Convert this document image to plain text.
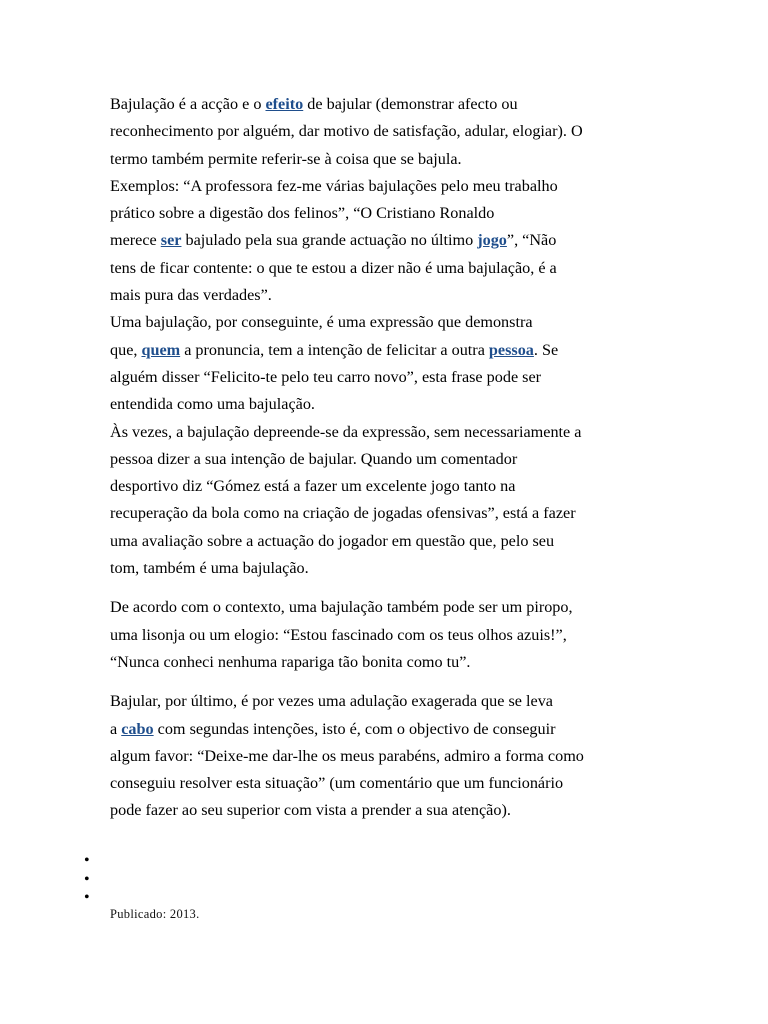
Bajulação é a acção e o efeito de bajular (demonstrar afecto ou
reconhecimento por alguém, dar motivo de satisfação, adular, elogiar). O
termo também permite referir-se à coisa que se bajula.
Exemplos: “A professora fez-me várias bajulações pelo meu trabalho
prático sobre a digestão dos felinos”, “O Cristiano Ronaldo
merece ser bajulado pela sua grande actuação no último jogo”, “Não
tens de ficar contente: o que te estou a dizer não é uma bajulação, é a
mais pura das verdades”.
Uma bajulação, por conseguinte, é uma expressão que demonstra
que, quem a pronuncia, tem a intenção de felicitar a outra pessoa. Se
alguém disser “Felicito-te pelo teu carro novo”, esta frase pode ser
entendida como uma bajulação.
Às vezes, a bajulação depreende-se da expressão, sem necessariamente a
pessoa dizer a sua intenção de bajular. Quando um comentador
desportivo diz “Gómez está a fazer um excelente jogo tanto na
recuperação da bola como na criação de jogadas ofensivas”, está a fazer
uma avaliação sobre a actuação do jogador em questão que, pelo seu
tom, também é uma bajulação.
De acordo com o contexto, uma bajulação também pode ser um piropo,
uma lisonja ou um elogio: “Estou fascinado com os teus olhos azuis!”,
“Nunca conheci nenhuma rapariga tão bonita como tu”.
Bajular, por último, é por vezes uma adulação exagerada que se leva
a cabo com segundas intenções, isto é, com o objectivo de conseguir
algum favor: “Deixe-me dar-lhe os meus parabéns, admiro a forma como
conseguiu resolver esta situação” (um comentário que um funcionário
pode fazer ao seu superior com vista a prender a sua atenção).
•
•
•
Publicado: 2013.
